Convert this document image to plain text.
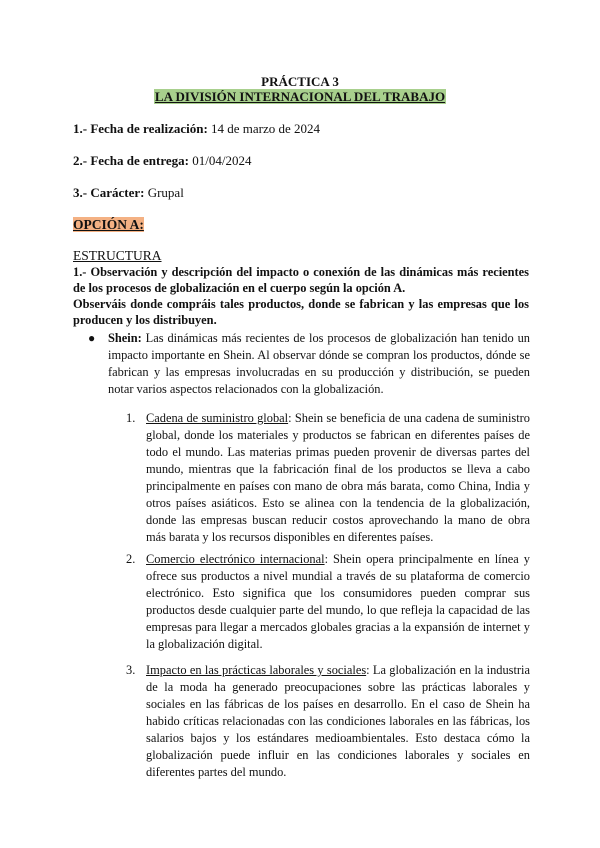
PRÁCTICA 3
LA DIVISIÓN INTERNACIONAL DEL TRABAJO
1.- Fecha de realización: 14 de marzo de 2024
2.- Fecha de entrega: 01/04/2024
3.- Carácter: Grupal
OPCIÓN A:
ESTRUCTURA
1.- Observación y descripción del impacto o conexión de las dinámicas más recientes de los procesos de globalización en el cuerpo según la opción A.
Observáis donde compráis tales productos, donde se fabrican y las empresas que los producen y los distribuyen.
● Shein: Las dinámicas más recientes de los procesos de globalización han tenido un impacto importante en Shein. Al observar dónde se compran los productos, dónde se fabrican y las empresas involucradas en su producción y distribución, se pueden notar varios aspectos relacionados con la globalización.
1. Cadena de suministro global: Shein se beneficia de una cadena de suministro global, donde los materiales y productos se fabrican en diferentes países de todo el mundo. Las materias primas pueden provenir de diversas partes del mundo, mientras que la fabricación final de los productos se lleva a cabo principalmente en países con mano de obra más barata, como China, India y otros países asiáticos. Esto se alinea con la tendencia de la globalización, donde las empresas buscan reducir costos aprovechando la mano de obra más barata y los recursos disponibles en diferentes países.
2. Comercio electrónico internacional: Shein opera principalmente en línea y ofrece sus productos a nivel mundial a través de su plataforma de comercio electrónico. Esto significa que los consumidores pueden comprar sus productos desde cualquier parte del mundo, lo que refleja la capacidad de las empresas para llegar a mercados globales gracias a la expansión de internet y la globalización digital.
3. Impacto en las prácticas laborales y sociales: La globalización en la industria de la moda ha generado preocupaciones sobre las prácticas laborales y sociales en las fábricas de los países en desarrollo. En el caso de Shein ha habido críticas relacionadas con las condiciones laborales en las fábricas, los salarios bajos y los estándares medioambientales. Esto destaca cómo la globalización puede influir en las condiciones laborales y sociales en diferentes partes del mundo.
